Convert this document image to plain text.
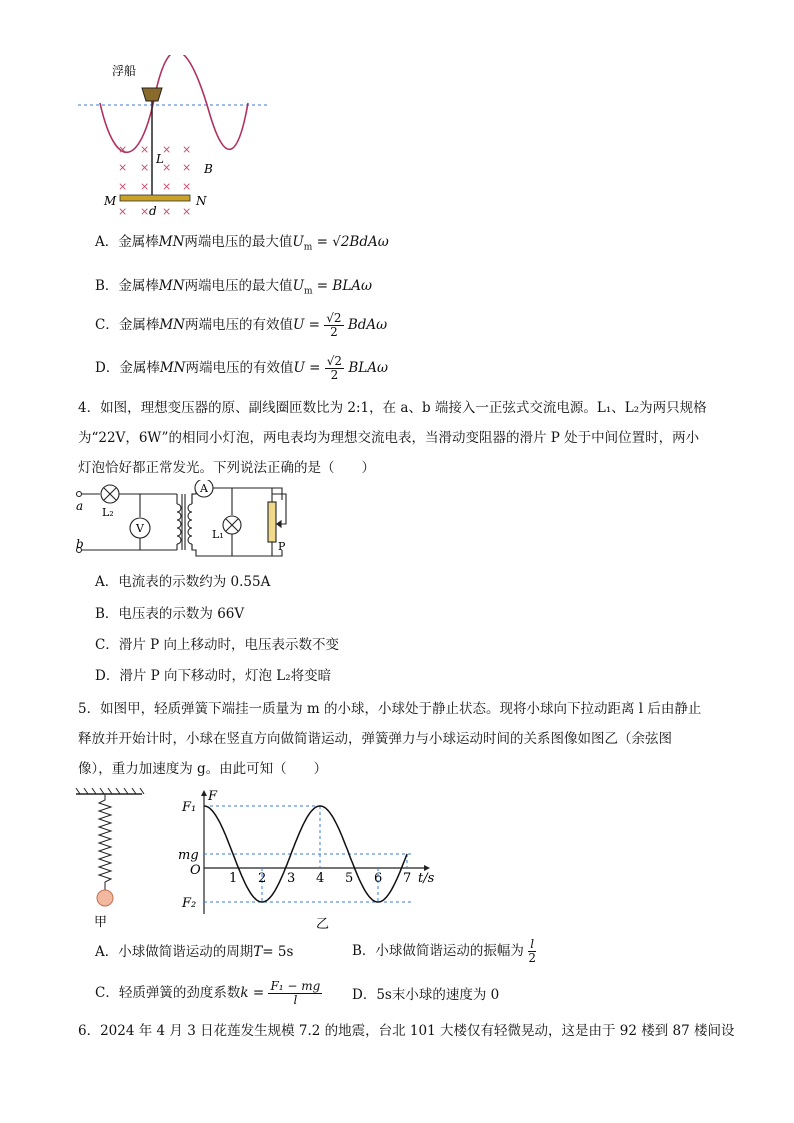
浮船
× × × ×
× × × ×
× × × ×
× × × ×
L
B
M	N
d
A．金属棒MN两端电压的最大值$U_m = √2BdA\omega$
B．金属棒MN两端电压的最大值$U_m = BLA\omega$
C．金属棒MN两端电压的有效值$U = \frac{√2}{2}$ BdAω
D．金属棒MN两端电压的有效值$U = \frac{√2}{2}$ BLAω
4．如图，理想变压器的原、副线圈匝数比为 2:1，在 a、b 端接入一正弦式交流电源。L₁、L₂为两只规格
为“22V，6W”的相同小灯泡，两电表均为理想交流电表，当滑动变阻器的滑片 P 处于中间位置时，两小
灯泡恰好都正常发光。下列说法正确的是（　　）
a
b
L₂
V
A
L₁
P
A．电流表的示数约为 0.55A
B．电压表的示数为 66V
C．滑片 P 向上移动时，电压表示数不变
D．滑片 P 向下移动时，灯泡 L₂将变暗
5．如图甲，轻质弹簧下端挂一质量为 m 的小球，小球处于静止状态。现将小球向下拉动距离 l 后由静止
释放并开始计时，小球在竖直方向做简谐运动，弹簧弹力与小球运动时间的关系图像如图乙（余弦图
像），重力加速度为 g。由此可知（　　）
甲
1 2 3 4 5 6 7
F₁
mg
F₂
F
t/s
O
乙
A．小球做简谐运动的周期T= 5s	B．小球做简谐运动的振幅为 $\frac{l}{2}$
C．轻质弹簧的劲度系数$k = \frac{\text{F₁ − mg}}{l}$ D．5s末小球的速度为 0
6．2024 年 4 月 3 日花莲发生规模 7.2 的地震，台北 101 大楼仅有轻微晃动，这是由于 92 楼到 87 楼间设
